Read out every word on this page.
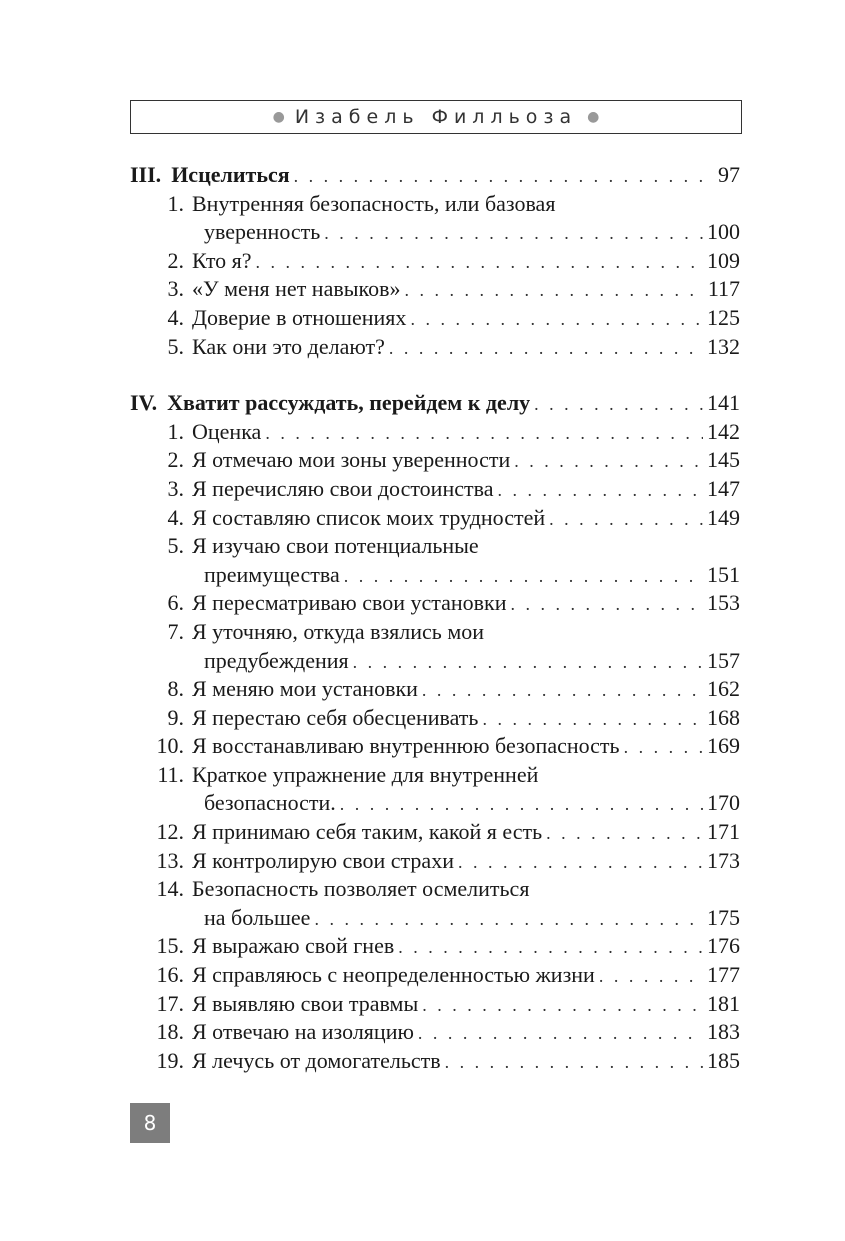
● Изабель Филльоза ●
III. Исцелиться . . .	97
1. Внутренняя безопасность, или базовая
уверенность . . .	100
2. Кто я? . . .	109
3. «У меня нет навыков» . . .	117
4. Доверие в отношениях . . .	125
5. Как они это делают? . . .	132
IV. Хватит рассуждать, перейдем к делу . . .	141
1. Оценка . . .	142
2. Я отмечаю мои зоны уверенности . . .	145
3. Я перечисляю свои достоинства . . .	147
4. Я составляю список моих трудностей . . .	149
5. Я изучаю свои потенциальные
преимущества . . .	151
6. Я пересматриваю свои установки . . .	153
7. Я уточняю, откуда взялись мои
предубеждения . . .	157
8. Я меняю мои установки . . .	162
9. Я перестаю себя обесценивать . . .	168
10. Я восстанавливаю внутреннюю безопасность . . .	169
11. Краткое упражнение для внутренней
безопасности. . . .	170
12. Я принимаю себя таким, какой я есть . . .	171
13. Я контролирую свои страхи . . .	173
14. Безопасность позволяет осмелиться
на большее . . .	175
15. Я выражаю свой гнев . . .	176
16. Я справляюсь с неопределенностью жизни . . .	177
17. Я выявляю свои травмы . . .	181
18. Я отвечаю на изоляцию . . .	183
19. Я лечусь от домогательств . . .	185
8
